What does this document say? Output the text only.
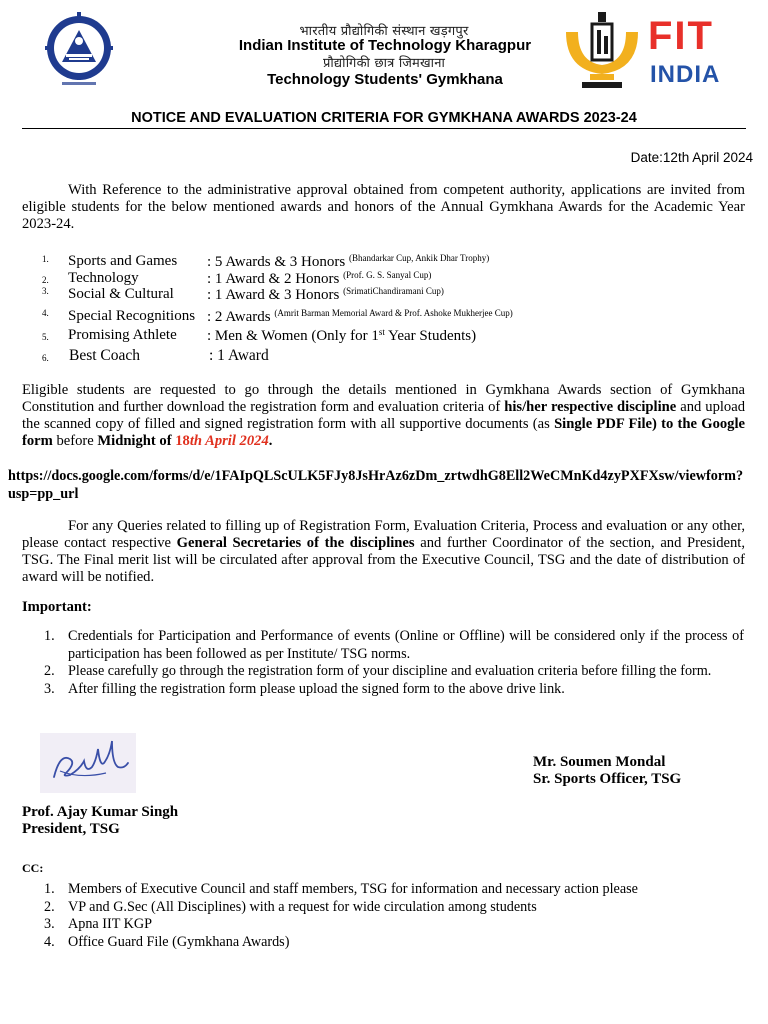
भारतीय प्रौद्योगिकी संस्थान खड़गपुर
Indian Institute of Technology Kharagpur
प्रौद्योगिकी छात्र जिमखाना
Technology Students' Gymkhana
FIT
INDIA
NOTICE AND EVALUATION CRITERIA FOR GYMKHANA AWARDS 2023-24
Date:12th April 2024
With Reference to the administrative approval obtained from competent authority, applications are invited from eligible students for the below mentioned awards and honors of the Annual Gymkhana Awards for the Academic Year 2023-24.
1. Sports and Games : 5 Awards & 3 Honors $^{(Bhandarkar Cup, Ankik Dhar Trophy)}$
2. Technology	: 1 Award & 2 Honors $^{(Prof. G. S. Sanyal Cup)}$
3. Social & Cultural : 1 Award & 3 Honors $^{(SrimatiChandiramani Cup)}$
4. Special Recognitions : 2 Awards $^{(Amrit Barman Memorial Award \& Prof. Ashoke Mukherjee Cup)}$
5. Promising Athlete : Men & Women (Only for 1st Year Students)
6. Best Coach	: 1 Award
Eligible students are requested to go through the details mentioned in Gymkhana Awards section of Gymkhana Constitution and further download the registration form and evaluation criteria of his/her respective discipline and upload the scanned copy of filled and signed registration form with all supportive documents (as Single PDF File) to the Google form before Midnight of 18th April 2024.
https://docs.google.com/forms/d/e/1FAIpQLScULK5FJy8JsHrAz6zDm_zrtwdhG8Ell2WeCMnKd4zyPXFXsw/viewform?usp=pp_url
For any Queries related to filling up of Registration Form, Evaluation Criteria, Process and evaluation or any other, please contact respective General Secretaries of the disciplines and further Coordinator of the section, and President, TSG. The Final merit list will be circulated after approval from the Executive Council, TSG and the date of distribution of award will be notified.
Important:
1. Credentials for Participation and Performance of events (Online or Offline) will be considered only if the process of participation has been followed as per Institute/ TSG norms.
2. Please carefully go through the registration form of your discipline and evaluation criteria before filling the form.
3. After filling the registration form please upload the signed form to the above drive link.
Mr. Soumen Mondal
Sr. Sports Officer, TSG
Prof. Ajay Kumar Singh
President, TSG
CC:
1. Members of Executive Council and staff members, TSG for information and necessary action please
2. VP and G.Sec (All Disciplines) with a request for wide circulation among students
3. Apna IIT KGP
4. Office Guard File (Gymkhana Awards)
